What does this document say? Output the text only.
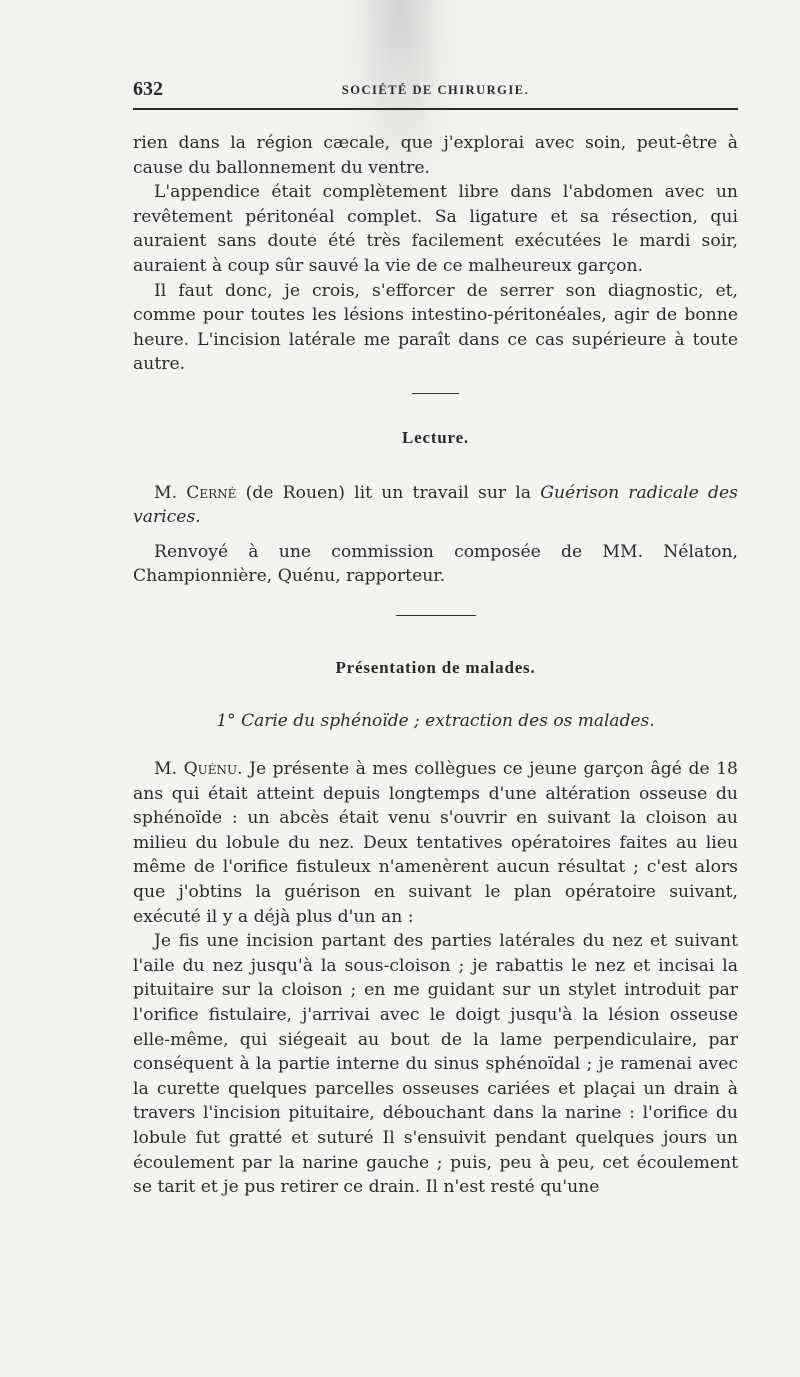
632	SOCIÉTÉ DE CHIRURGIE.

rien dans la région cæcale, que j'explorai avec soin, peut-être à cause du ballonnement du ventre.

L'appendice était complètement libre dans l'abdomen avec un revêtement péritonéal complet. Sa ligature et sa résection, qui auraient sans doute été très facilement exécutées le mardi soir, auraient à coup sûr sauvé la vie de ce malheureux garçon.

Il faut donc, je crois, s'efforcer de serrer son diagnostic, et, comme pour toutes les lésions intestino-péritonéales, agir de bonne heure. L'incision latérale me paraît dans ce cas supérieure à toute autre.

Lecture.

M. Cerné (de Rouen) lit un travail sur la Guérison radicale des varices.

Renvoyé à une commission composée de MM. Nélaton, Championnière, Quénu, rapporteur.

Présentation de malades.
1° Carie du sphénoïde ; extraction des os malades.

M. Quénu. Je présente à mes collègues ce jeune garçon âgé de 18 ans qui était atteint depuis longtemps d'une altération osseuse du sphénoïde : un abcès était venu s'ouvrir en suivant la cloison au milieu du lobule du nez. Deux tentatives opératoires faites au lieu même de l'orifice fistuleux n'amenèrent aucun résultat ; c'est alors que j'obtins la guérison en suivant le plan opératoire suivant, exécuté il y a déjà plus d'un an :

Je fis une incision partant des parties latérales du nez et suivant l'aile du nez jusqu'à la sous-cloison ; je rabattis le nez et incisai la pituitaire sur la cloison ; en me guidant sur un stylet introduit par l'orifice fistulaire, j'arrivai avec le doigt jusqu'à la lésion osseuse elle-même, qui siégeait au bout de la lame perpendiculaire, par conséquent à la partie interne du sinus sphénoïdal ; je ramenai avec la curette quelques parcelles osseuses cariées et plaçai un drain à travers l'incision pituitaire, débouchant dans la narine : l'orifice du lobule fut gratté et suturé Il s'ensuivit pendant quelques jours un écoulement par la narine gauche ; puis, peu à peu, cet écoulement se tarit et je pus retirer ce drain. Il n'est resté qu'une
